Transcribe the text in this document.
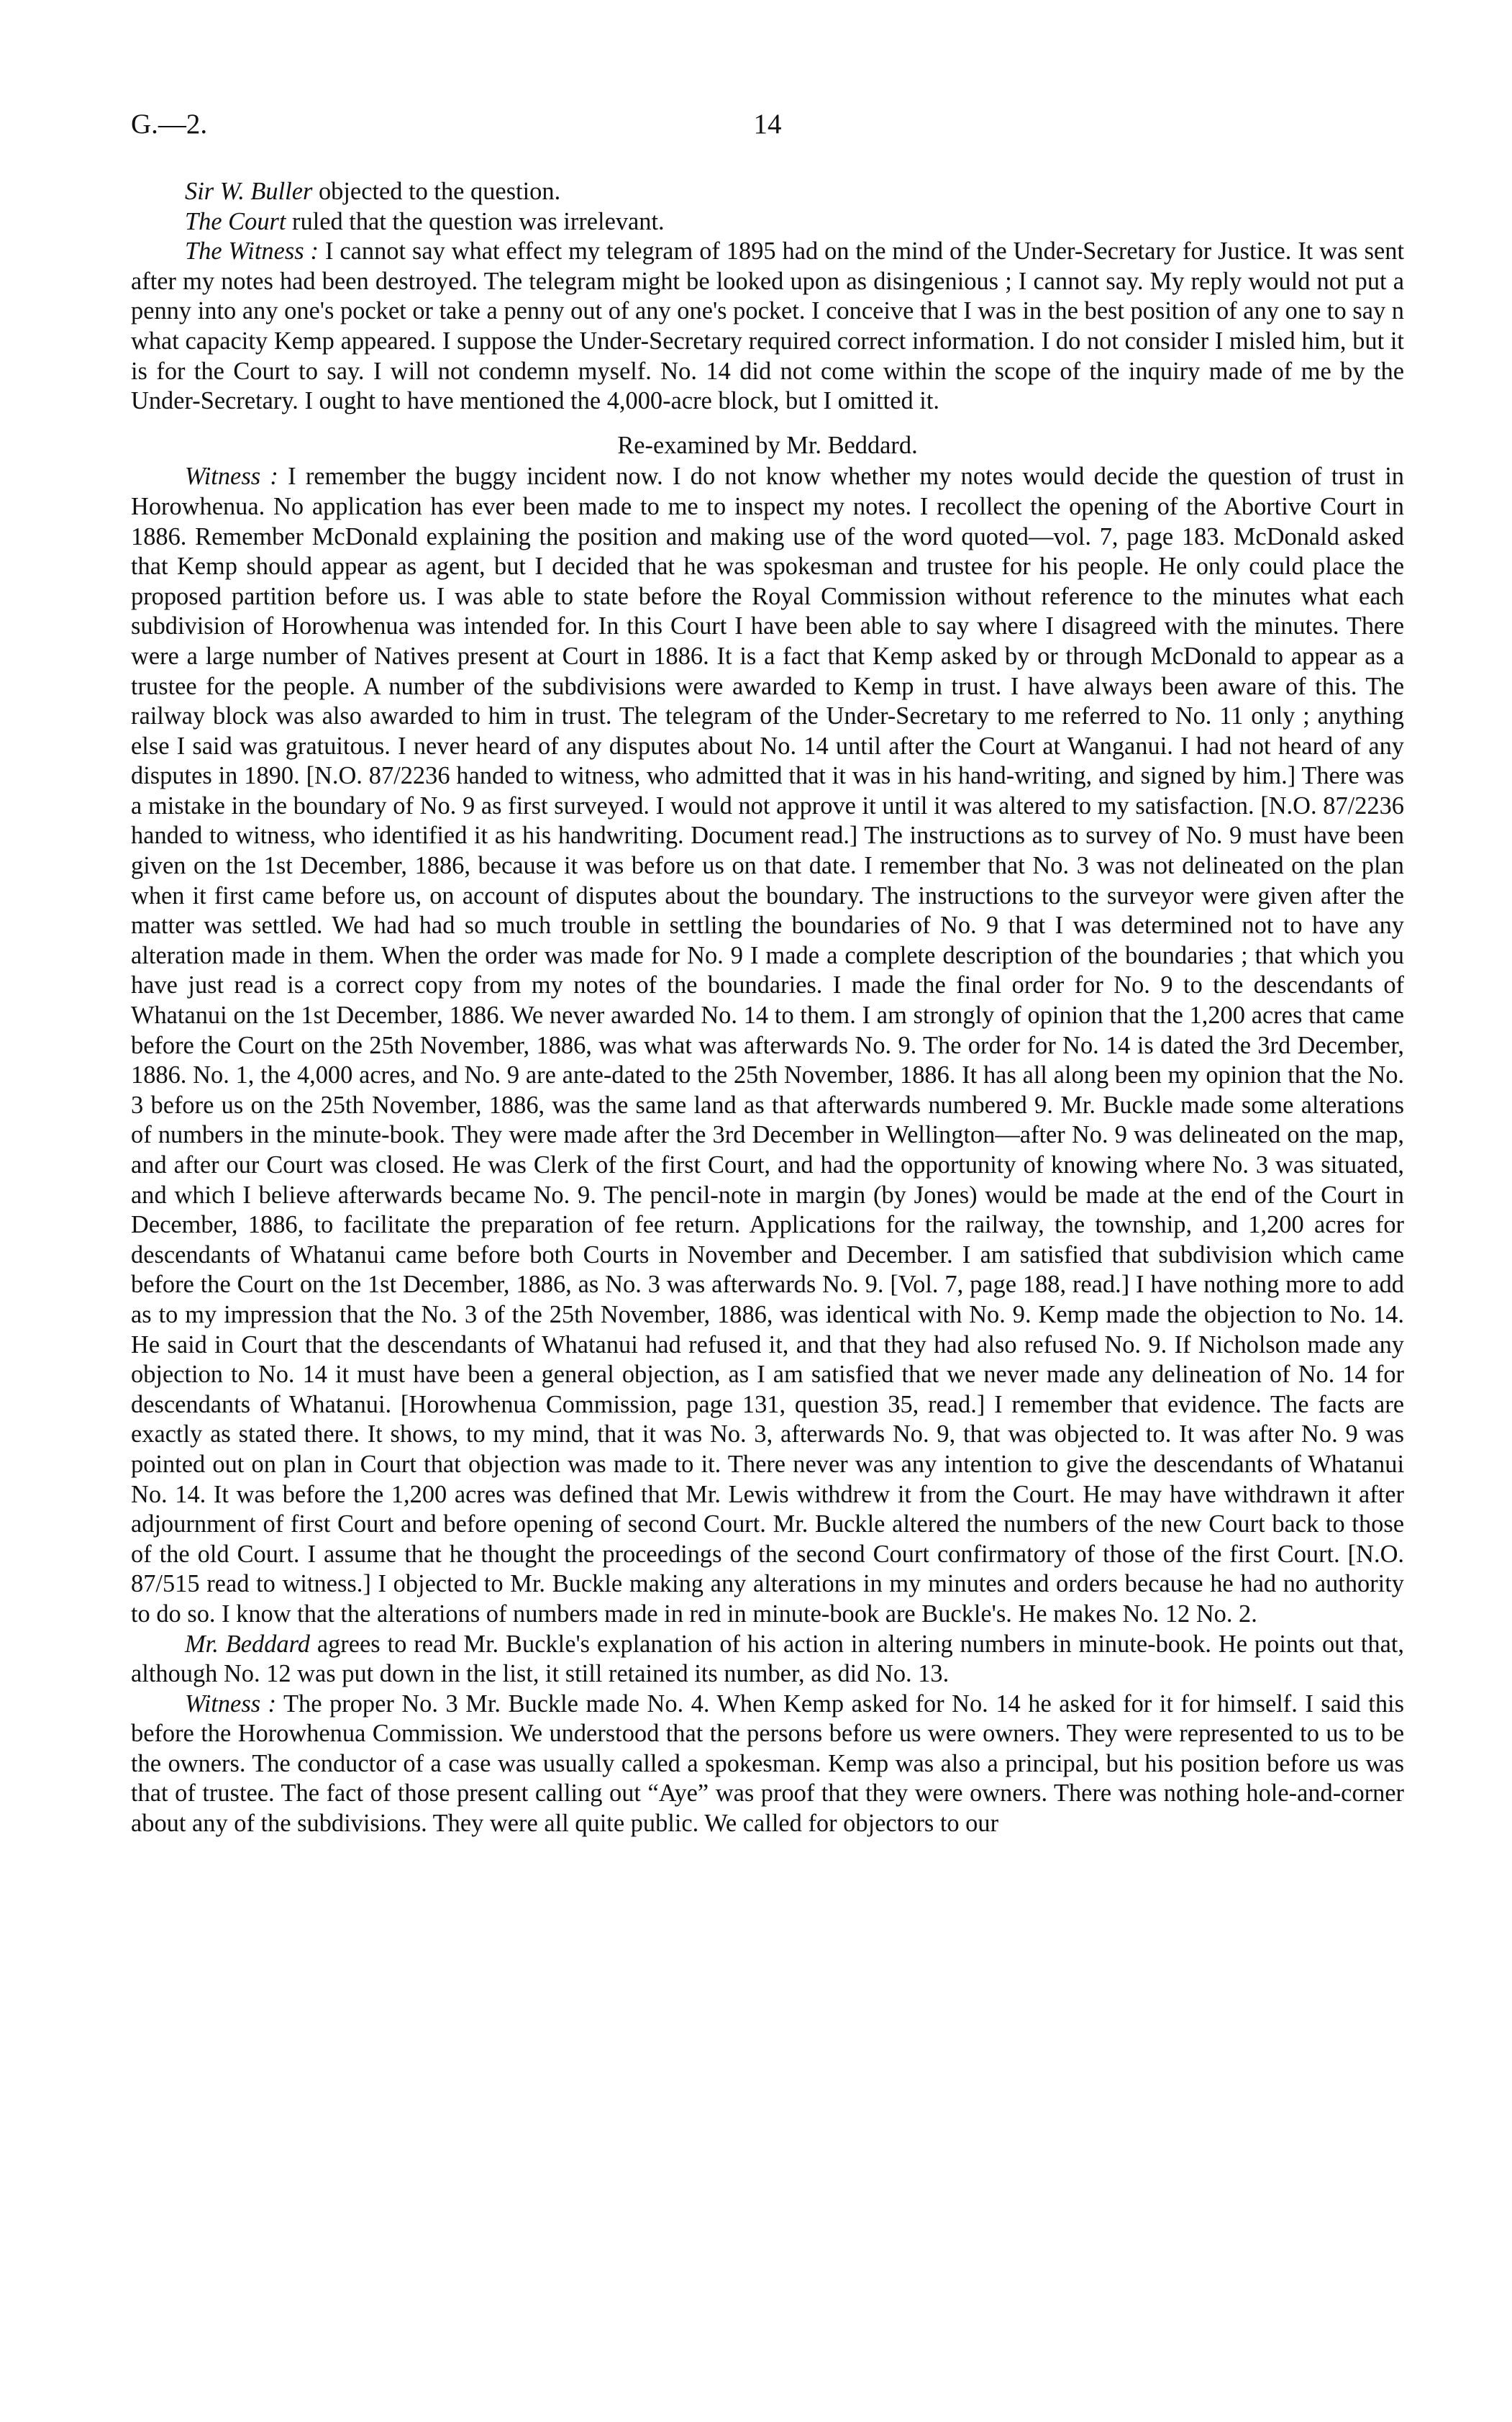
G.—2.	14

Sir W. Buller objected to the question.

The Court ruled that the question was irrelevant.

The Witness : I cannot say what effect my telegram of 1895 had on the mind of the Under-Secretary for Justice. It was sent after my notes had been destroyed. The telegram might be looked upon as disingenious ; I cannot say. My reply would not put a penny into any one's pocket or take a penny out of any one's pocket. I conceive that I was in the best position of any one to say n what capacity Kemp appeared. I suppose the Under-Secretary required correct information. I do not consider I misled him, but it is for the Court to say. I will not condemn myself. No. 14 did not come within the scope of the inquiry made of me by the Under-Secretary. I ought to have mentioned the 4,000-acre block, but I omitted it.

Re-examined by Mr. Beddard.

Witness : I remember the buggy incident now. I do not know whether my notes would decide the question of trust in Horowhenua. No application has ever been made to me to inspect my notes. I recollect the opening of the Abortive Court in 1886. Remember McDonald explaining the position and making use of the word quoted—vol. 7, page 183. McDonald asked that Kemp should appear as agent, but I decided that he was spokesman and trustee for his people. He only could place the proposed partition before us. I was able to state before the Royal Commission without reference to the minutes what each subdivision of Horowhenua was intended for. In this Court I have been able to say where I disagreed with the minutes. There were a large number of Natives present at Court in 1886. It is a fact that Kemp asked by or through McDonald to appear as a trustee for the people. A number of the subdivisions were awarded to Kemp in trust. I have always been aware of this. The railway block was also awarded to him in trust. The telegram of the Under-Secretary to me referred to No. 11 only ; anything else I said was gratuitous. I never heard of any disputes about No. 14 until after the Court at Wanganui. I had not heard of any disputes in 1890. [N.O. 87/2236 handed to witness, who admitted that it was in his hand-writing, and signed by him.] There was a mistake in the boundary of No. 9 as first surveyed. I would not approve it until it was altered to my satisfaction. [N.O. 87/2236 handed to witness, who identified it as his handwriting. Document read.] The instructions as to survey of No. 9 must have been given on the 1st December, 1886, because it was before us on that date. I remember that No. 3 was not delineated on the plan when it first came before us, on account of disputes about the boundary. The instructions to the surveyor were given after the matter was settled. We had had so much trouble in settling the boundaries of No. 9 that I was determined not to have any alteration made in them. When the order was made for No. 9 I made a complete description of the boundaries ; that which you have just read is a correct copy from my notes of the boundaries. I made the final order for No. 9 to the descendants of Whatanui on the 1st December, 1886. We never awarded No. 14 to them. I am strongly of opinion that the 1,200 acres that came before the Court on the 25th November, 1886, was what was afterwards No. 9. The order for No. 14 is dated the 3rd December, 1886. No. 1, the 4,000 acres, and No. 9 are ante-dated to the 25th November, 1886. It has all along been my opinion that the No. 3 before us on the 25th November, 1886, was the same land as that afterwards numbered 9. Mr. Buckle made some alterations of numbers in the minute-book. They were made after the 3rd December in Wellington—after No. 9 was delineated on the map, and after our Court was closed. He was Clerk of the first Court, and had the opportunity of knowing where No. 3 was situated, and which I believe afterwards became No. 9. The pencil-note in margin (by Jones) would be made at the end of the Court in December, 1886, to facilitate the preparation of fee return. Applications for the railway, the township, and 1,200 acres for descendants of Whatanui came before both Courts in November and December. I am satisfied that subdivision which came before the Court on the 1st December, 1886, as No. 3 was afterwards No. 9. [Vol. 7, page 188, read.] I have nothing more to add as to my impression that the No. 3 of the 25th November, 1886, was identical with No. 9. Kemp made the objection to No. 14. He said in Court that the descendants of Whatanui had refused it, and that they had also refused No. 9. If Nicholson made any objection to No. 14 it must have been a general objection, as I am satisfied that we never made any delineation of No. 14 for descendants of Whatanui. [Horowhenua Commission, page 131, question 35, read.] I remember that evidence. The facts are exactly as stated there. It shows, to my mind, that it was No. 3, afterwards No. 9, that was objected to. It was after No. 9 was pointed out on plan in Court that objection was made to it. There never was any intention to give the descendants of Whatanui No. 14. It was before the 1,200 acres was defined that Mr. Lewis withdrew it from the Court. He may have withdrawn it after adjournment of first Court and before opening of second Court. Mr. Buckle altered the numbers of the new Court back to those of the old Court. I assume that he thought the proceedings of the second Court confirmatory of those of the first Court. [N.O. 87/515 read to witness.] I objected to Mr. Buckle making any alterations in my minutes and orders because he had no authority to do so. I know that the alterations of numbers made in red in minute-book are Buckle's. He makes No. 12 No. 2.

Mr. Beddard agrees to read Mr. Buckle's explanation of his action in altering numbers in minute-book. He points out that, although No. 12 was put down in the list, it still retained its number, as did No. 13.

Witness : The proper No. 3 Mr. Buckle made No. 4. When Kemp asked for No. 14 he asked for it for himself. I said this before the Horowhenua Commission. We understood that the persons before us were owners. They were represented to us to be the owners. The conductor of a case was usually called a spokesman. Kemp was also a principal, but his position before us was that of trustee. The fact of those present calling out “Aye” was proof that they were owners. There was nothing hole-and-corner about any of the subdivisions. They were all quite public. We called for objectors to our
